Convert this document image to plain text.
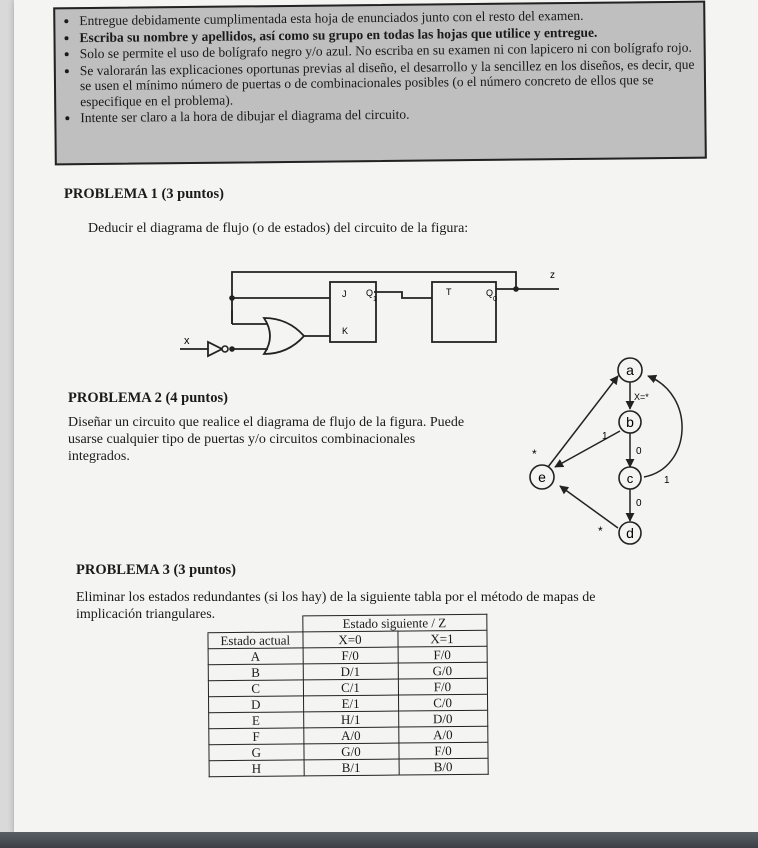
• Entregue debidamente cumplimentada esta hoja de enunciados junto con el resto del examen.
• Escriba su nombre y apellidos, así como su grupo en todas las hojas que utilice y entregue.
• Solo se permite el uso de bolígrafo negro y/o azul. No escriba en su examen ni con lapicero ni con bolígrafo rojo.
• Se valorarán las explicaciones oportunas previas al diseño, el desarrollo y la sencillez en los diseños, es decir, que se usen el mínimo número de puertas o de combinacionales posibles (o el número concreto de ellos que se especifique en el problema).
• Intente ser claro a la hora de dibujar el diagrama del circuito.
PROBLEMA 1 (3 puntos)
Deducir el diagrama de flujo (o de estados) del circuito de la figura:
x
z
J
K
Q
1
T	Q
0
PROBLEMA 2 (4 puntos)
Diseñar un circuito que realice el diagrama de flujo de la figura. Puede
usarse cualquier tipo de puertas y/o circuitos combinacionales
integrados.
a
b
c
d
e
X=*
1
0
1
0
*
*
PROBLEMA 3 (3 puntos)
Eliminar los estados redundantes (si los hay) de la siguiente tabla por el método de mapas de
implicación triangulares.
	Estado siguiente / Z	
Estado actual	X=0	X=1
A	F/0	F/0
B	D/1	G/0
C	C/1	F/0
D	E/1	C/0
E	H/1	D/0
F	A/0	A/0
G	G/0	F/0
H	B/1	B/0
